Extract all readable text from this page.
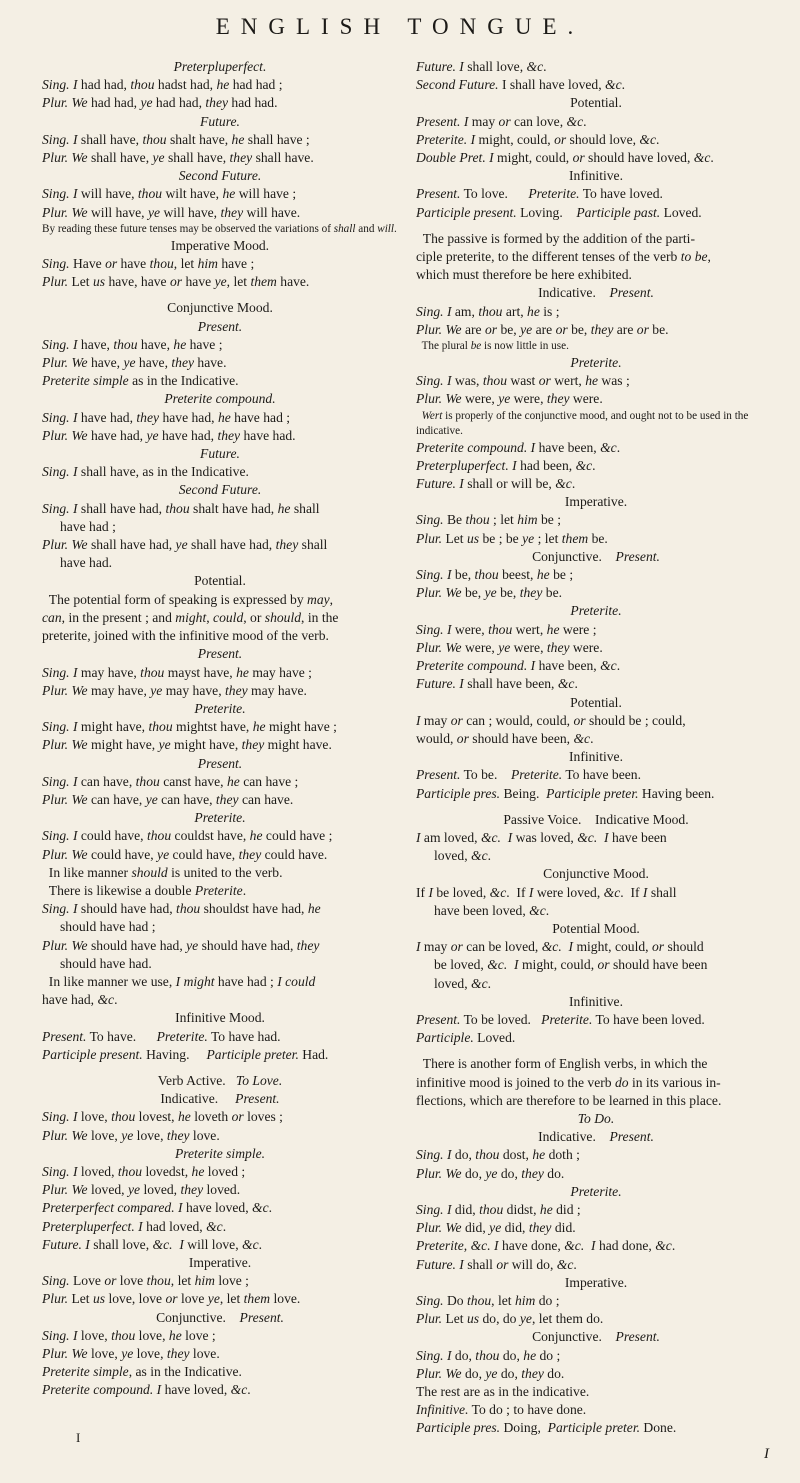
ENGLISH TONGUE.
Preterpluperfect.
Sing. I had had, thou hadst had, he had had ;
Plur. We had had, ye had had, they had had.
Future.
Sing. I shall have, thou shalt have, he shall have ;
Plur. We shall have, ye shall have, they shall have.
Second Future.
Sing. I will have, thou wilt have, he will have ;
Plur. We will have, ye will have, they will have.
By reading these future tenses may be observed the variations of shall and will.
Imperative Mood.
Sing. Have or have thou, let him have ;
Plur. Let us have, have or have ye, let them have.
Conjunctive Mood.
Present.
Sing. I have, thou have, he have ;
Plur. We have, ye have, they have.
Preterite simple as in the Indicative.
Preterite compound.
Sing. I have had, they have had, he have had ;
Plur. We have had, ye have had, they have had.
Future.
Sing. I shall have, as in the Indicative.
Second Future.
Sing. I shall have had, thou shalt have had, he shall
have had ;
Plur. We shall have had, ye shall have had, they shall
have had.
Potential.
The potential form of speaking is expressed by may,
can, in the present ; and might, could, or should, in the
preterite, joined with the infinitive mood of the verb.
Present.
Sing. I may have, thou mayst have, he may have ;
Plur. We may have, ye may have, they may have.
Preterite.
Sing. I might have, thou mightst have, he might have ;
Plur. We might have, ye might have, they might have.
Present.
Sing. I can have, thou canst have, he can have ;
Plur. We can have, ye can have, they can have.
Preterite.
Sing. I could have, thou couldst have, he could have ;
Plur. We could have, ye could have, they could have.
In like manner should is united to the verb.
There is likewise a double Preterite.
Sing. I should have had, thou shouldst have had, he
should have had ;
Plur. We should have had, ye should have had, they
should have had.
In like manner we use, I might have had ; I could
have had, &c.
Infinitive Mood.
Present. To have.      Preterite. To have had.
Participle present. Having.     Participle preter. Had.
Verb Active.   To Love.
Indicative.     Present.
Sing. I love, thou lovest, he loveth or loves ;
Plur. We love, ye love, they love.
Preterite simple.
Sing. I loved, thou lovedst, he loved ;
Plur. We loved, ye loved, they loved.
Preterperfect compared. I have loved, &c.
Preterpluperfect. I had loved, &c.
Future. I shall love, &c.  I will love, &c.
Imperative.
Sing. Love or love thou, let him love ;
Plur. Let us love, love or love ye, let them love.
Conjunctive.    Present.
Sing. I love, thou love, he love ;
Plur. We love, ye love, they love.
Preterite simple, as in the Indicative.
Preterite compound. I have loved, &c.
Future. I shall love, &c.
Second Future. I shall have loved, &c.
Potential.
Present. I may or can love, &c.
Preterite. I might, could, or should love, &c.
Double Pret. I might, could, or should have loved, &c.
Infinitive.
Present. To love.      Preterite. To have loved.
Participle present. Loving.    Participle past. Loved.
The passive is formed by the addition of the parti-
ciple preterite, to the different tenses of the verb to be,
which must therefore be here exhibited.
Indicative.    Present.
Sing. I am, thou art, he is ;
Plur. We are or be, ye are or be, they are or be.
The plural be is now little in use.
Preterite.
Sing. I was, thou wast or wert, he was ;
Plur. We were, ye were, they were.
Wert is properly of the conjunctive mood, and ought not to be used in the indicative.
Preterite compound. I have been, &c.
Preterpluperfect. I had been, &c.
Future. I shall or will be, &c.
Imperative.
Sing. Be thou ; let him be ;
Plur. Let us be ; be ye ; let them be.
Conjunctive.    Present.
Sing. I be, thou beest, he be ;
Plur. We be, ye be, they be.
Preterite.
Sing. I were, thou wert, he were ;
Plur. We were, ye were, they were.
Preterite compound. I have been, &c.
Future. I shall have been, &c.
Potential.
I may or can ; would, could, or should be ; could,
would, or should have been, &c.
Infinitive.
Present. To be.    Preterite. To have been.
Participle pres. Being.  Participle preter. Having been.
Passive Voice.    Indicative Mood.
I am loved, &c.  I was loved, &c.  I have been
loved, &c.
Conjunctive Mood.
If I be loved, &c.  If I were loved, &c.  If I shall
have been loved, &c.
Potential Mood.
I may or can be loved, &c.  I might, could, or should
be loved, &c.  I might, could, or should have been
loved, &c.
Infinitive.
Present. To be loved.   Preterite. To have been loved.
Participle. Loved.
There is another form of English verbs, in which the
infinitive mood is joined to the verb do in its various in-
flections, which are therefore to be learned in this place.
To Do.
Indicative.    Present.
Sing. I do, thou dost, he doth ;
Plur. We do, ye do, they do.
Preterite.
Sing. I did, thou didst, he did ;
Plur. We did, ye did, they did.
Preterite, &c. I have done, &c.  I had done, &c.
Future. I shall or will do, &c.
Imperative.
Sing. Do thou, let him do ;
Plur. Let us do, do ye, let them do.
Conjunctive.    Present.
Sing. I do, thou do, he do ;
Plur. We do, ye do, they do.
The rest are as in the indicative.
Infinitive. To do ; to have done.
Participle pres. Doing,  Participle preter. Done.
I
I
